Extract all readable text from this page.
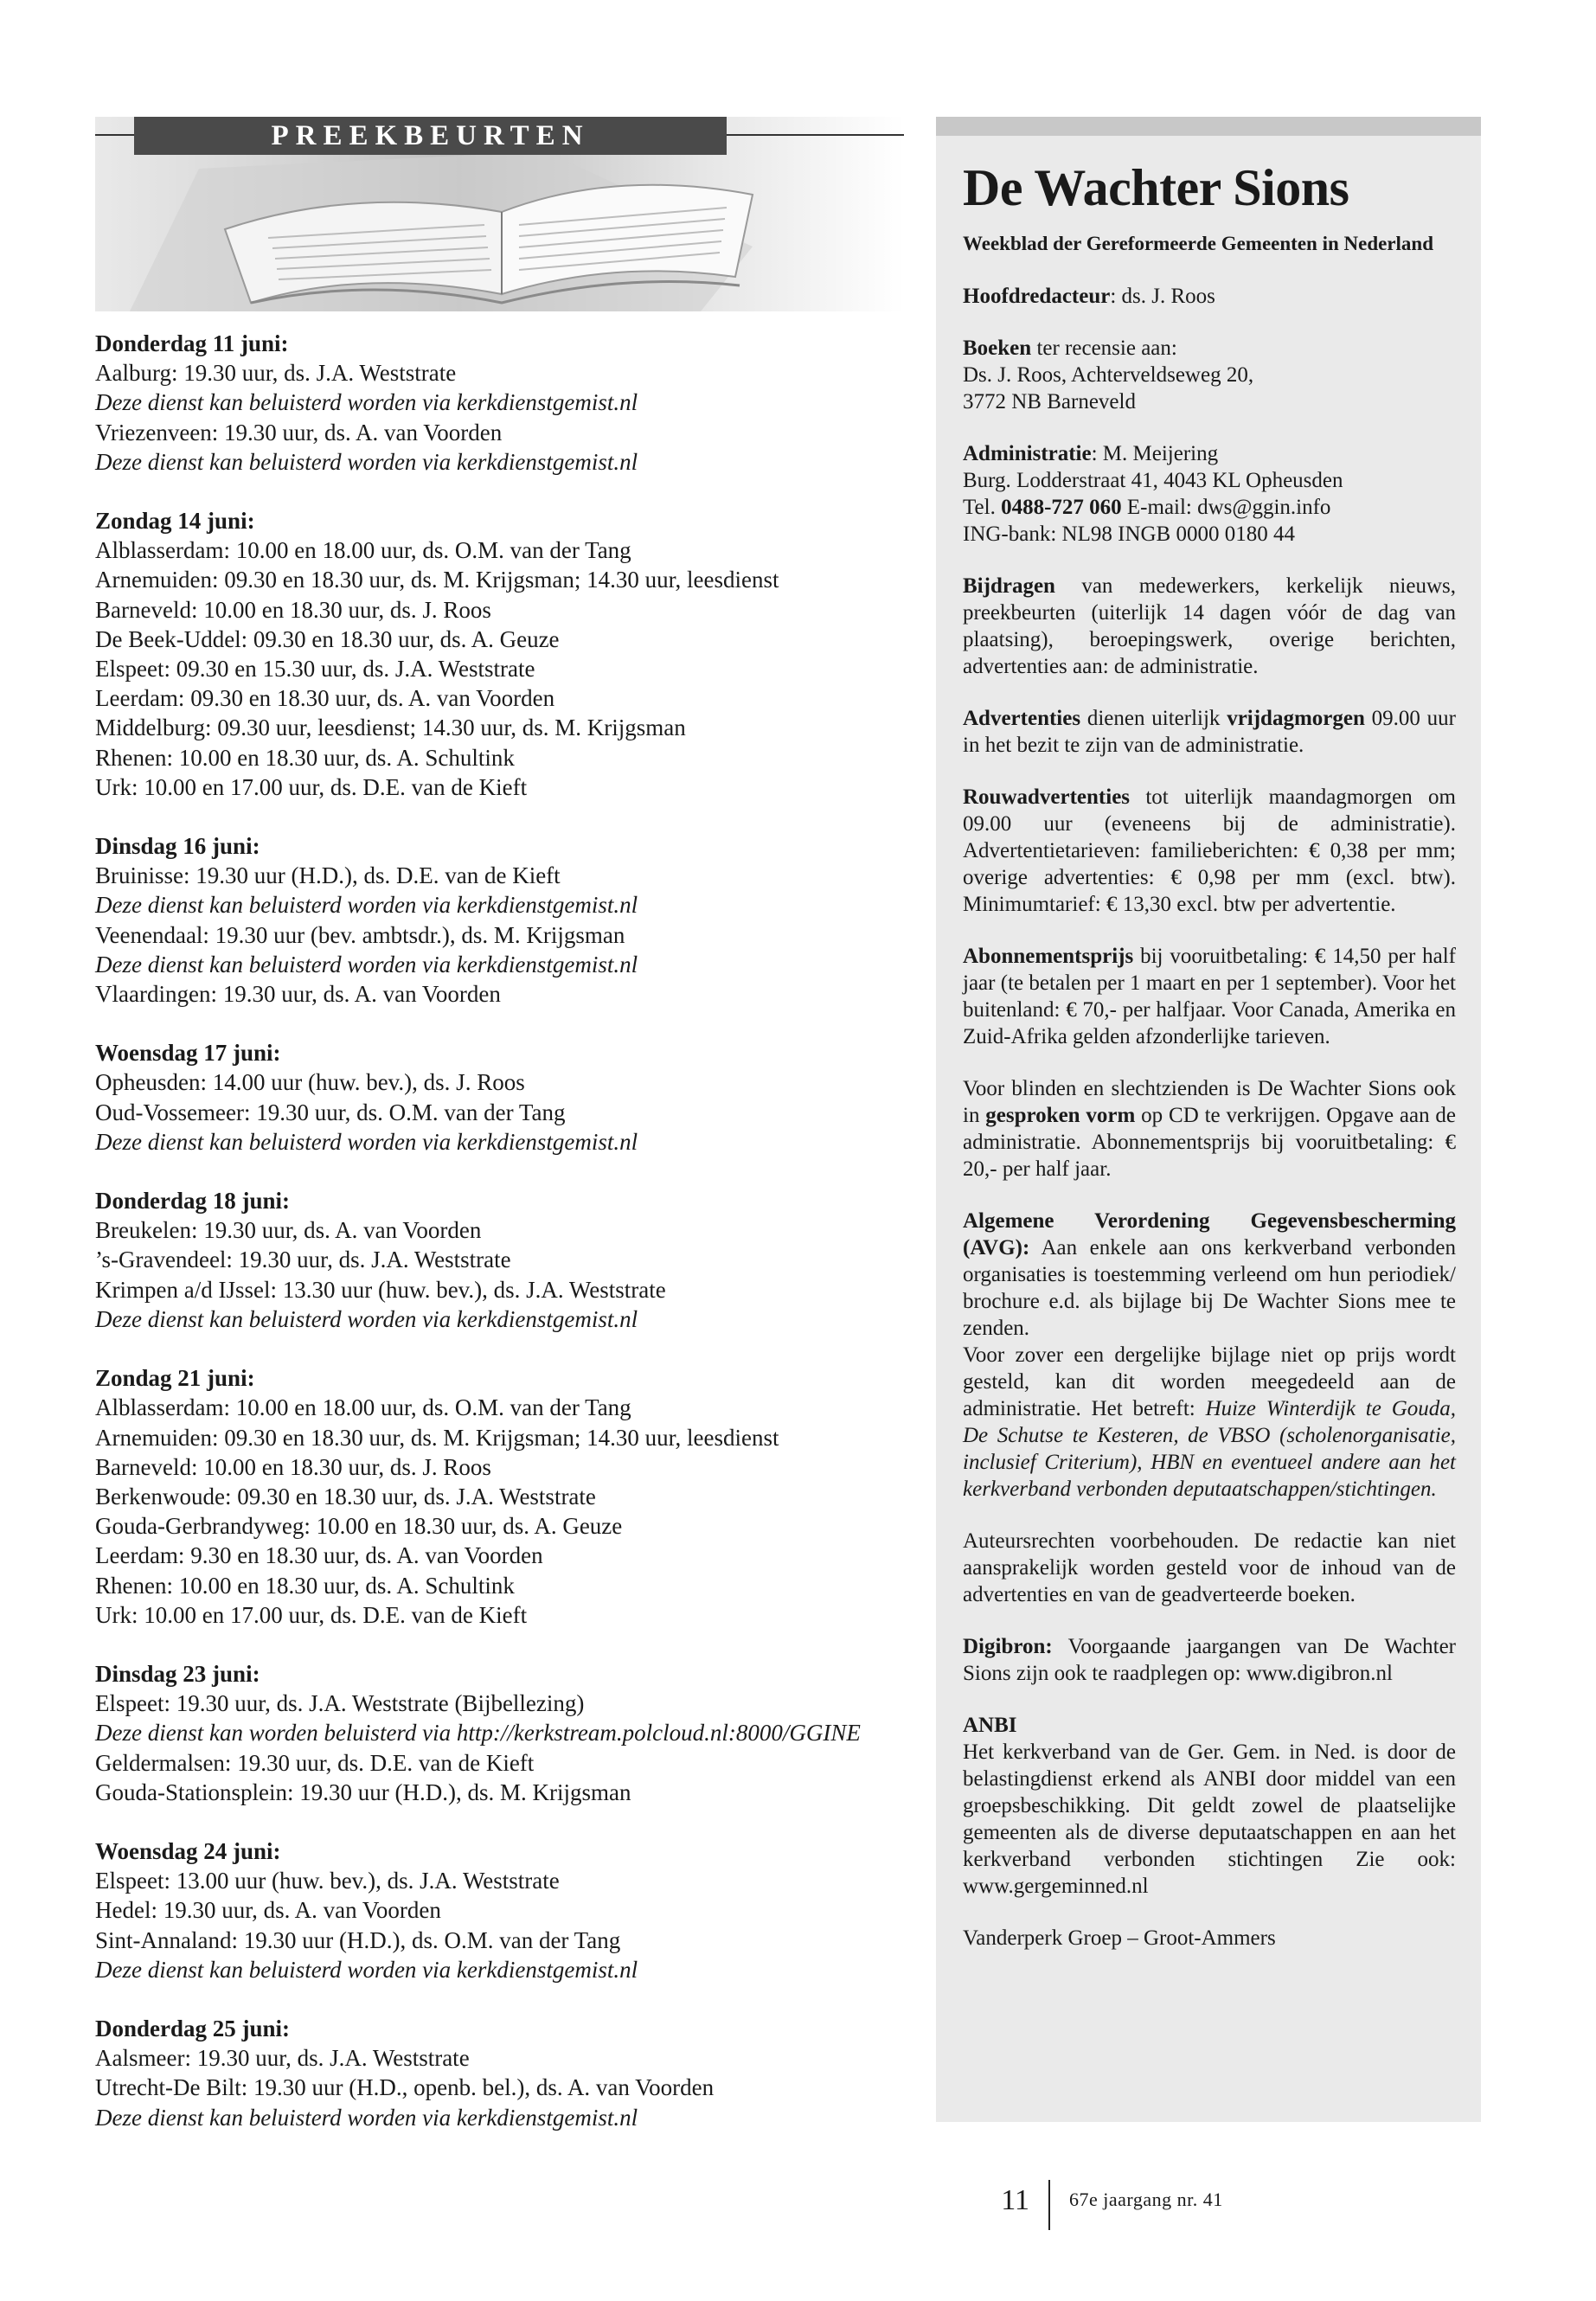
PREEKBEURTEN
Donderdag 11 juni:
Aalburg: 19.30 uur, ds. J.A. Weststrate
Deze dienst kan beluisterd worden via kerkdienstgemist.nl
Vriezenveen: 19.30 uur, ds. A. van Voorden
Deze dienst kan beluisterd worden via kerkdienstgemist.nl
Zondag 14 juni:
Alblasserdam: 10.00 en 18.00 uur, ds. O.M. van der Tang
Arnemuiden: 09.30 en 18.30 uur, ds. M. Krijgsman; 14.30 uur, leesdienst
Barneveld: 10.00 en 18.30 uur, ds. J. Roos
De Beek-Uddel: 09.30 en 18.30 uur, ds. A. Geuze
Elspeet: 09.30 en 15.30 uur, ds. J.A. Weststrate
Leerdam: 09.30 en 18.30 uur, ds. A. van Voorden
Middelburg: 09.30 uur, leesdienst; 14.30 uur, ds. M. Krijgsman
Rhenen: 10.00 en 18.30 uur, ds. A. Schultink
Urk: 10.00 en 17.00 uur, ds. D.E. van de Kieft
Dinsdag 16 juni:
Bruinisse: 19.30 uur (H.D.), ds. D.E. van de Kieft
Deze dienst kan beluisterd worden via kerkdienstgemist.nl
Veenendaal: 19.30 uur (bev. ambtsdr.), ds. M. Krijgsman
Deze dienst kan beluisterd worden via kerkdienstgemist.nl
Vlaardingen: 19.30 uur, ds. A. van Voorden
Woensdag 17 juni:
Opheusden: 14.00 uur (huw. bev.), ds. J. Roos
Oud-Vossemeer: 19.30 uur, ds. O.M. van der Tang
Deze dienst kan beluisterd worden via kerkdienstgemist.nl
Donderdag 18 juni:
Breukelen: 19.30 uur, ds. A. van Voorden
’s-Gravendeel: 19.30 uur, ds. J.A. Weststrate
Krimpen a/d IJssel: 13.30 uur (huw. bev.), ds. J.A. Weststrate
Deze dienst kan beluisterd worden via kerkdienstgemist.nl
Zondag 21 juni:
Alblasserdam: 10.00 en 18.00 uur, ds. O.M. van der Tang
Arnemuiden: 09.30 en 18.30 uur, ds. M. Krijgsman; 14.30 uur, leesdienst
Barneveld: 10.00 en 18.30 uur, ds. J. Roos
Berkenwoude: 09.30 en 18.30 uur, ds. J.A. Weststrate
Gouda-Gerbrandyweg: 10.00 en 18.30 uur, ds. A. Geuze
Leerdam: 9.30 en 18.30 uur, ds. A. van Voorden
Rhenen: 10.00 en 18.30 uur, ds. A. Schultink
Urk: 10.00 en 17.00 uur, ds. D.E. van de Kieft
Dinsdag 23 juni:
Elspeet: 19.30 uur, ds. J.A. Weststrate (Bijbellezing)
Deze dienst kan worden beluisterd via http://kerkstream.polcloud.nl:8000/GGINE
Geldermalsen: 19.30 uur, ds. D.E. van de Kieft
Gouda-Stationsplein: 19.30 uur (H.D.), ds. M. Krijgsman
Woensdag 24 juni:
Elspeet: 13.00 uur (huw. bev.), ds. J.A. Weststrate
Hedel: 19.30 uur, ds. A. van Voorden
Sint-Annaland: 19.30 uur (H.D.), ds. O.M. van der Tang
Deze dienst kan beluisterd worden via kerkdienstgemist.nl
Donderdag 25 juni:
Aalsmeer: 19.30 uur, ds. J.A. Weststrate
Utrecht-De Bilt: 19.30 uur (H.D., openb. bel.), ds. A. van Voorden
Deze dienst kan beluisterd worden via kerkdienstgemist.nl
De Wachter Sions
Weekblad der Gereformeerde Gemeenten in Nederland
Hoofdredacteur: ds. J. Roos
Boeken ter recensie aan:
Ds. J. Roos, Achterveldseweg 20,
3772 NB Barneveld
Administratie: M. Meijering
Burg. Lodderstraat 41, 4043 KL Opheusden
Tel. 0488-727 060 E-mail: dws@ggin.info
ING-bank: NL98 INGB 0000 0180 44
Bijdragen van medewerkers, kerkelijk nieuws, preekbeurten (uiterlijk 14 dagen vóór de dag van plaatsing), beroepingswerk, overige berichten, advertenties aan: de administratie.
Advertenties dienen uiterlijk vrijdagmorgen 09.00 uur in het bezit te zijn van de administratie.
Rouwadvertenties tot uiterlijk maandagmorgen om 09.00 uur (eveneens bij de administratie). Advertentietarieven: familieberichten: € 0,38 per mm; overige advertenties: € 0,98 per mm (excl. btw). Minimumtarief: € 13,30 excl. btw per advertentie.
Abonnementsprijs bij vooruitbetaling: € 14,50 per half jaar (te betalen per 1 maart en per 1 september). Voor het buitenland: € 70,- per halfjaar. Voor Canada, Amerika en Zuid-Afrika gelden afzonderlijke tarieven.
Voor blinden en slechtzienden is De Wachter Sions ook in gesproken vorm op CD te verkrijgen. Opgave aan de administratie. Abonnementsprijs bij vooruitbetaling: € 20,- per half jaar.
Algemene Verordening Gegevensbescherming (AVG): Aan enkele aan ons kerkverband verbonden organisaties is toestemming verleend om hun periodiek/ brochure e.d. als bijlage bij De Wachter Sions mee te zenden.
Voor zover een dergelijke bijlage niet op prijs wordt gesteld, kan dit worden meegedeeld aan de administratie. Het betreft: Huize Winterdijk te Gouda, De Schutse te Kesteren, de VBSO (scholenorganisatie, inclusief Criterium), HBN en eventueel andere aan het kerkverband verbonden deputaatschappen/stichtingen.
Auteursrechten voorbehouden. De redactie kan niet aansprakelijk worden gesteld voor de inhoud van de advertenties en van de geadverteerde boeken.
Digibron: Voorgaande jaargangen van De Wachter Sions zijn ook te raadplegen op: www.digibron.nl
ANBI
Het kerkverband van de Ger. Gem. in Ned. is door de belastingdienst erkend als ANBI door middel van een groepsbeschikking. Dit geldt zowel de plaatselijke gemeenten als de diverse deputaatschappen en aan het kerkverband verbonden stichtingen Zie ook: www.gergeminned.nl
Vanderperk Groep – Groot-Ammers
11 67e jaargang nr. 41
